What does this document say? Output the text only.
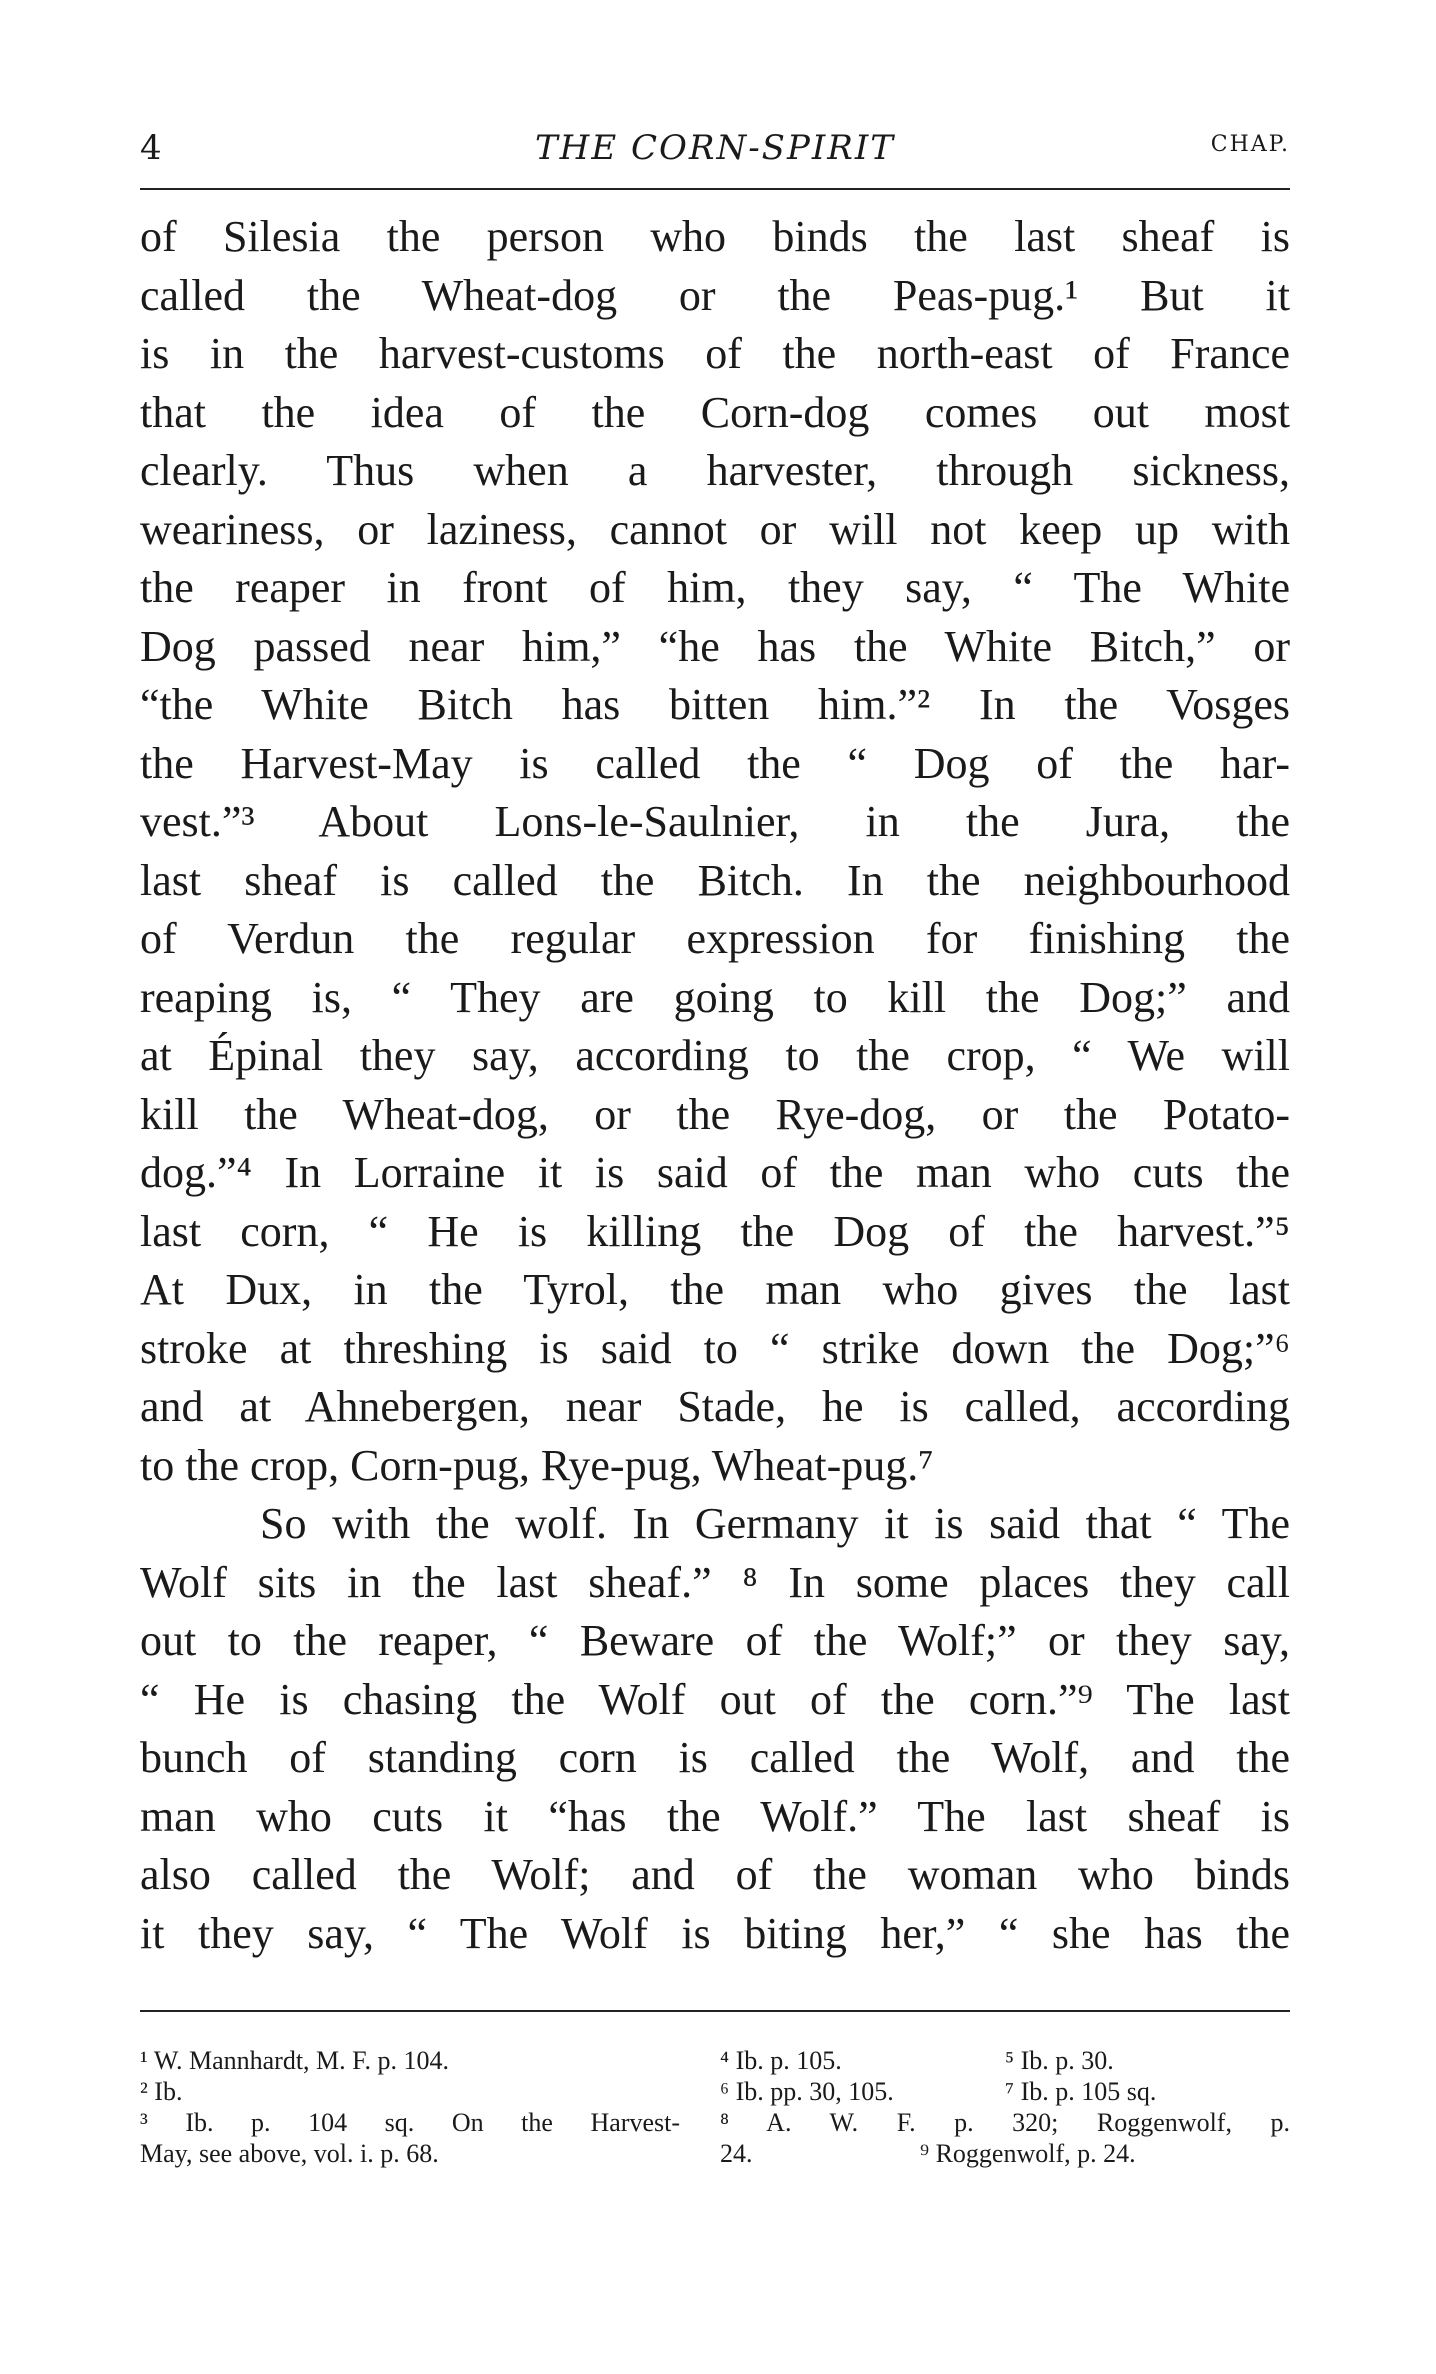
4	THE CORN-SPIRIT	CHAP.
of Silesia the person who binds the last sheaf is
called the Wheat-dog or the Peas-pug.¹ But it
is in the harvest-customs of the north-east of France
that the idea of the Corn-dog comes out most
clearly. Thus when a harvester, through sickness,
weariness, or laziness, cannot or will not keep up with
the reaper in front of him, they say, “ The White
Dog passed near him,” “he has the White Bitch,” or
“the White Bitch has bitten him.”² In the Vosges
the Harvest-May is called the “ Dog of the har-
vest.”³ About Lons-le-Saulnier, in the Jura, the
last sheaf is called the Bitch. In the neighbourhood
of Verdun the regular expression for finishing the
reaping is, “ They are going to kill the Dog;” and
at Épinal they say, according to the crop, “ We will
kill the Wheat-dog, or the Rye-dog, or the Potato-
dog.”⁴ In Lorraine it is said of the man who cuts the
last corn, “ He is killing the Dog of the harvest.”⁵
At Dux, in the Tyrol, the man who gives the last
stroke at threshing is said to “ strike down the Dog;”⁶
and at Ahnebergen, near Stade, he is called, according
to the crop, Corn-pug, Rye-pug, Wheat-pug.⁷
So with the wolf. In Germany it is said that “ The
Wolf sits in the last sheaf.” ⁸ In some places they call
out to the reaper, “ Beware of the Wolf;” or they say,
“ He is chasing the Wolf out of the corn.”⁹ The last
bunch of standing corn is called the Wolf, and the
man who cuts it “has the Wolf.” The last sheaf is
also called the Wolf; and of the woman who binds
it they say, “ The Wolf is biting her,” “ she has the
¹ W. Mannhardt, M. F. p. 104.
² Ib.
³ Ib. p. 104 sq. On the Harvest-
May, see above, vol. i. p. 68.
⁴ Ib. p. 105.	⁵ Ib. p. 30.
⁶ Ib. pp. 30, 105.	⁷ Ib. p. 105 sq.
⁸ A. W. F. p. 320; Roggenwolf, p.
24.	⁹ Roggenwolf, p. 24.
